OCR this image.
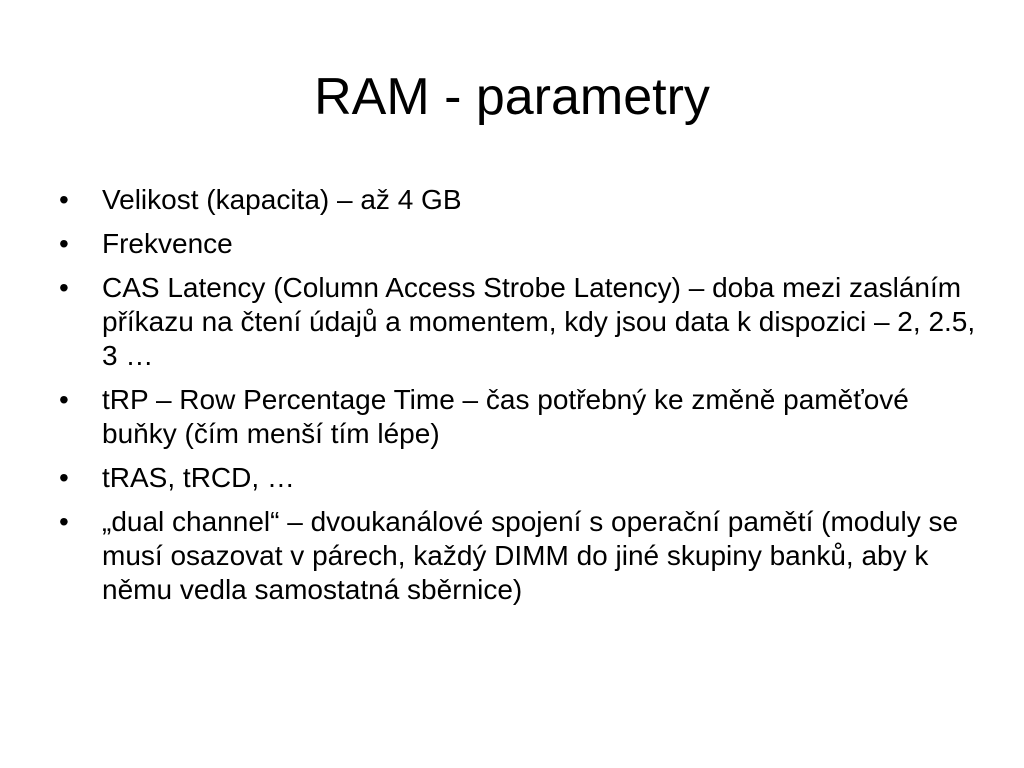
RAM - parametry
• Velikost (kapacita) – až 4 GB
• Frekvence
• CAS Latency (Column Access Strobe Latency) – doba mezi zasláním příkazu na čtení údajů a momentem, kdy jsou data k dispozici – 2, 2.5, 3 …
• tRP – Row Percentage Time – čas potřebný ke změně paměťové buňky (čím menší tím lépe)
• tRAS, tRCD, …
• „dual channel“ – dvoukanálové spojení s operační pamětí (moduly se musí osazovat v párech, každý DIMM do jiné skupiny banků, aby k němu vedla samostatná sběrnice)
